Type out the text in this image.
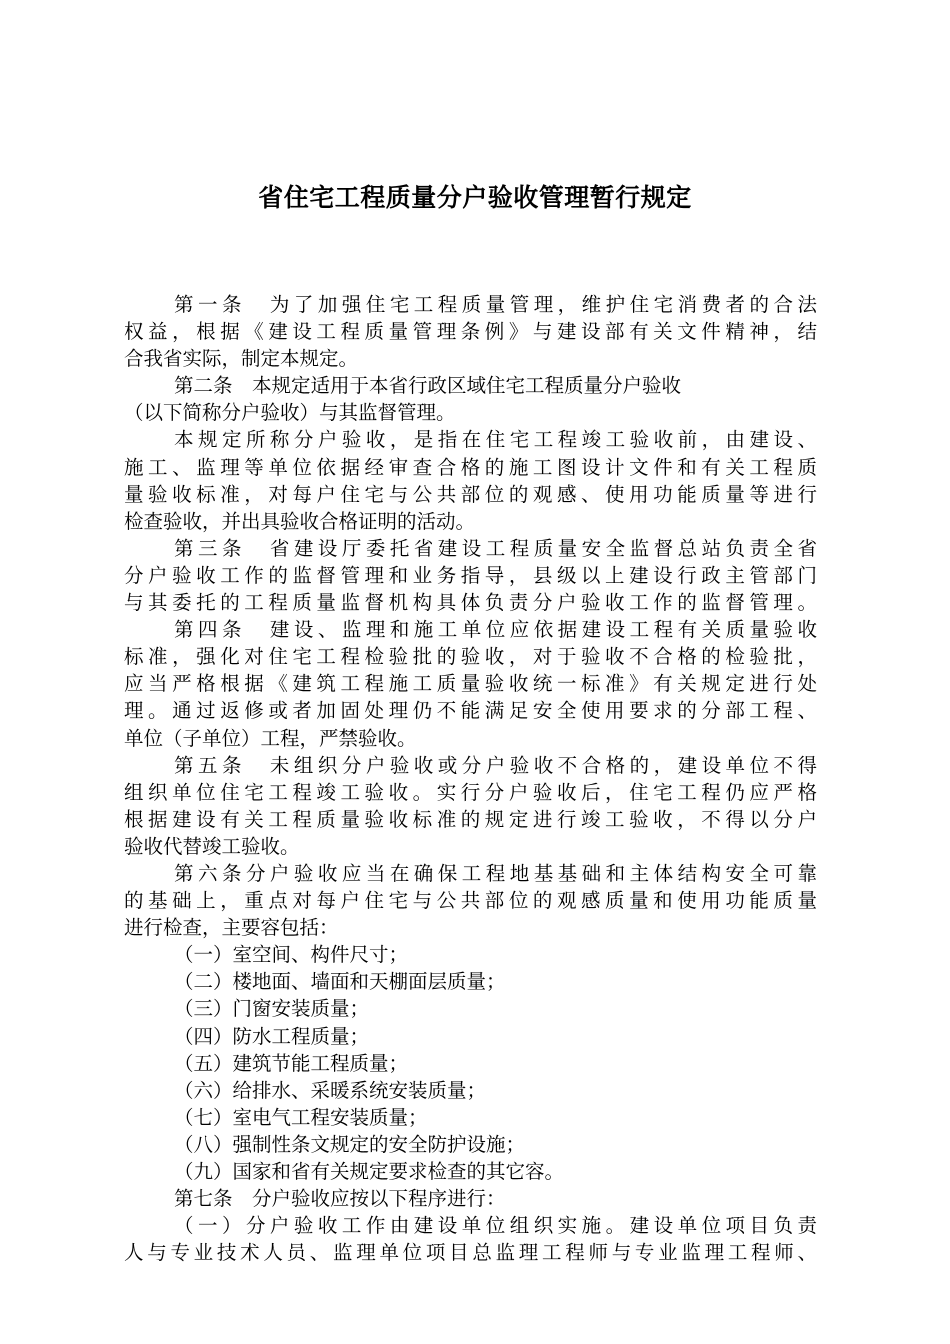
省住宅工程质量分户验收管理暂行规定
第一条　为了加强住宅工程质量管理，维护住宅消费者的合法
权益，根据《建设工程质量管理条例》与建设部有关文件精神，结
合我省实际，制定本规定。
第二条　本规定适用于本省行政区域住宅工程质量分户验收
（以下简称分户验收）与其监督管理。
本规定所称分户验收，是指在住宅工程竣工验收前，由建设、
施工、监理等单位依据经审查合格的施工图设计文件和有关工程质
量验收标准，对每户住宅与公共部位的观感、使用功能质量等进行
检查验收，并出具验收合格证明的活动。
第三条　省建设厅委托省建设工程质量安全监督总站负责全省
分户验收工作的监督管理和业务指导，县级以上建设行政主管部门
与其委托的工程质量监督机构具体负责分户验收工作的监督管理。
第四条　建设、监理和施工单位应依据建设工程有关质量验收
标准，强化对住宅工程检验批的验收，对于验收不合格的检验批，
应当严格根据《建筑工程施工质量验收统一标准》有关规定进行处
理。通过返修或者加固处理仍不能满足安全使用要求的分部工程、
单位（子单位）工程，严禁验收。
第五条　未组织分户验收或分户验收不合格的，建设单位不得
组织单位住宅工程竣工验收。实行分户验收后，住宅工程仍应严格
根据建设有关工程质量验收标准的规定进行竣工验收，不得以分户
验收代替竣工验收。
第六条分户验收应当在确保工程地基基础和主体结构安全可靠
的基础上，重点对每户住宅与公共部位的观感质量和使用功能质量
进行检查，主要容包括：
（一）室空间、构件尺寸；
（二）楼地面、墙面和天棚面层质量；
（三）门窗安装质量；
（四）防水工程质量；
（五）建筑节能工程质量；
（六）给排水、采暖系统安装质量；
（七）室电气工程安装质量；
（八）强制性条文规定的安全防护设施；
（九）国家和省有关规定要求检查的其它容。
第七条　分户验收应按以下程序进行：
（一）分户验收工作由建设单位组织实施。建设单位项目负责
人与专业技术人员、监理单位项目总监理工程师与专业监理工程师、
